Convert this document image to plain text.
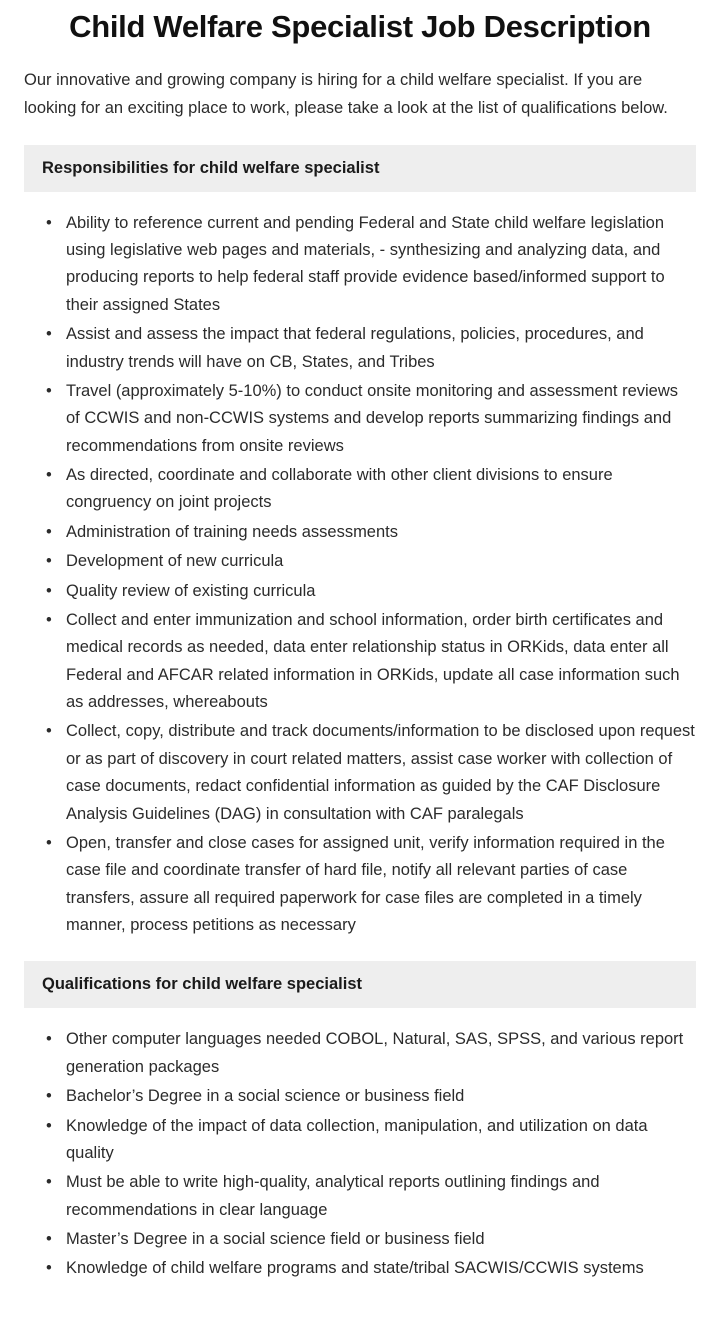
Child Welfare Specialist Job Description

Our innovative and growing company is hiring for a child welfare specialist. If you are looking for an exciting place to work, please take a look at the list of qualifications below.

Responsibilities for child welfare specialist
• Ability to reference current and pending Federal and State child welfare legislation using legislative web pages and materials, - synthesizing and analyzing data, and producing reports to help federal staff provide evidence based/informed support to their assigned States
• Assist and assess the impact that federal regulations, policies, procedures, and industry trends will have on CB, States, and Tribes
• Travel (approximately 5-10%) to conduct onsite monitoring and assessment reviews of CCWIS and non-CCWIS systems and develop reports summarizing findings and recommendations from onsite reviews
• As directed, coordinate and collaborate with other client divisions to ensure congruency on joint projects
• Administration of training needs assessments
• Development of new curricula
• Quality review of existing curricula
• Collect and enter immunization and school information, order birth certificates and medical records as needed, data enter relationship status in ORKids, data enter all Federal and AFCAR related information in ORKids, update all case information such as addresses, whereabouts
• Collect, copy, distribute and track documents/information to be disclosed upon request or as part of discovery in court related matters, assist case worker with collection of case documents, redact confidential information as guided by the CAF Disclosure Analysis Guidelines (DAG) in consultation with CAF paralegals
• Open, transfer and close cases for assigned unit, verify information required in the case file and coordinate transfer of hard file, notify all relevant parties of case transfers, assure all required paperwork for case files are completed in a timely manner, process petitions as necessary
Qualifications for child welfare specialist
• Other computer languages needed COBOL, Natural, SAS, SPSS, and various report generation packages
• Bachelor’s Degree in a social science or business field
• Knowledge of the impact of data collection, manipulation, and utilization on data quality
• Must be able to write high-quality, analytical reports outlining findings and recommendations in clear language
• Master’s Degree in a social science field or business field
• Knowledge of child welfare programs and state/tribal SACWIS/CCWIS systems
